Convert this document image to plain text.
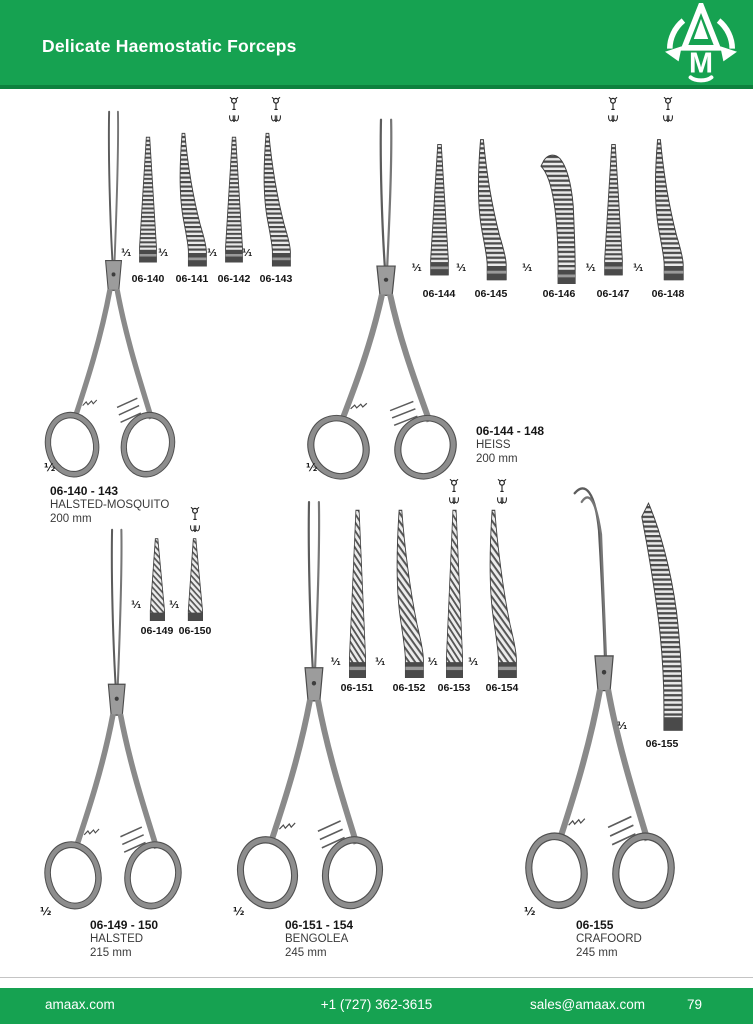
Delicate Haemostatic Forceps
M
½
06-140 - 143
HALSTED-MOSQUITO
200 mm
¹⁄₁
06-140
¹⁄₁
06-141
¹⁄₁
06-142
¹⁄₁
06-143
½
06-144 - 148
HEISS
200 mm
¹⁄₁
06-144
¹⁄₁
06-145
¹⁄₁
06-146
¹⁄₁
06-147
¹⁄₁
06-148
½
06-149 - 150
HALSTED
215 mm
¹⁄₁
06-149
¹⁄₁
06-150
½
06-151 - 154
BENGOLEA
245 mm
¹⁄₁
06-151
¹⁄₁
06-152
¹⁄₁
06-153
¹⁄₁
06-154
½
06-155
CRAFOORD
245 mm
¹⁄₁
06-155
amaax.com	+1 (727) 362-3615	sales@amaax.com	79
